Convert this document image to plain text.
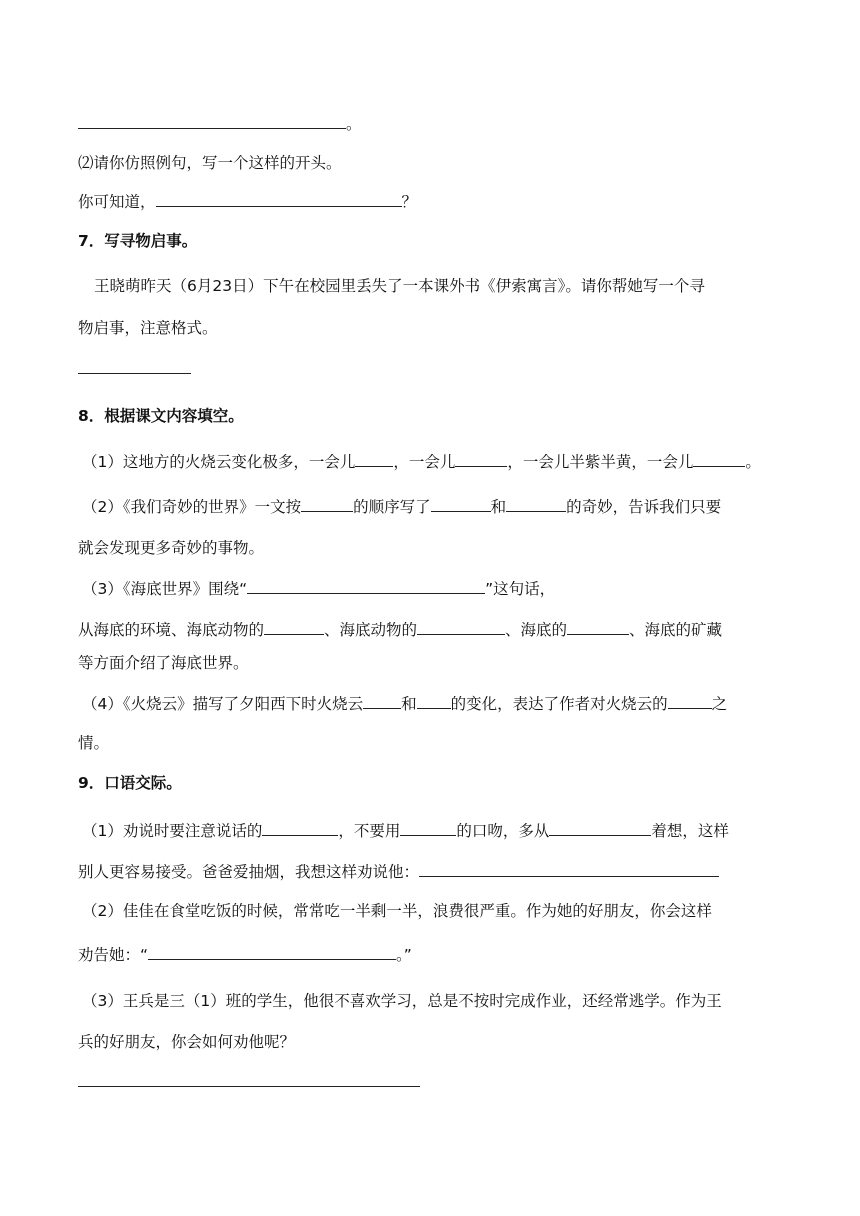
。
⑵请你仿照例句，写一个这样的开头。
你可知道，	？
7．写寻物启事。
王晓萌昨天（6月23日）下午在校园里丢失了一本课外书《伊索寓言》。请你帮她写一个寻
物启事，注意格式。
8．根据课文内容填空。
（1）这地方的火烧云变化极多，一会儿 ，一会儿	，一会儿半紫半黄，一会儿	。
（2）《我们奇妙的世界》一文按	的顺序写了	和	的奇妙，告诉我们只要
就会发现更多奇妙的事物。
（3）《海底世界》围绕“	”这句话，
从海底的环境、海底动物的	、海底动物的	、海底的	、海底的矿藏
等方面介绍了海底世界。
（4）《火烧云》描写了夕阳西下时火烧云 和 的变化，表达了作者对火烧云的	之
情。
9．口语交际。
（1）劝说时要注意说话的	，不要用	的口吻，多从	着想，这样
别人更容易接受。爸爸爱抽烟，我想这样劝说他：
（2）佳佳在食堂吃饭的时候，常常吃一半剩一半，浪费很严重。作为她的好朋友，你会这样
劝告她：“	。”
（3）王兵是三（1）班的学生，他很不喜欢学习，总是不按时完成作业，还经常逃学。作为王
兵的好朋友，你会如何劝他呢？
